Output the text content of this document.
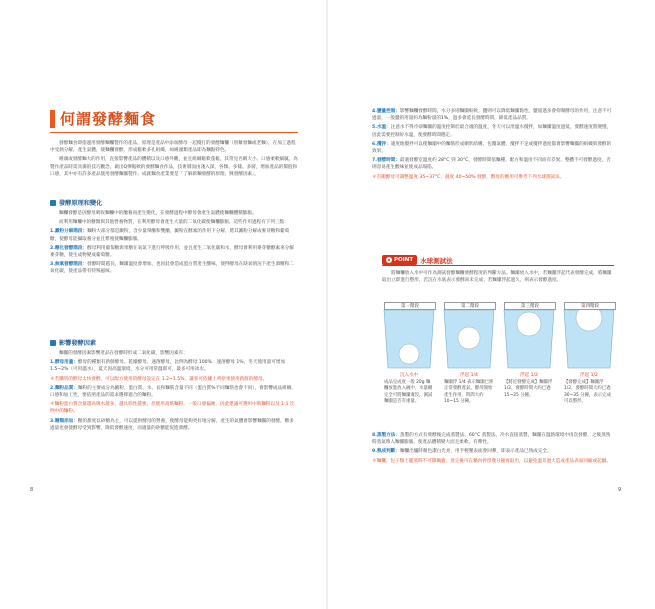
何謂發酵麵食

發酵麵食即指運用發酵麵糰製作的產品，原理是產品中添加酵母一起攪打的發酵麵糰（別稱發麵或老麵），在加工過程中受熱分解，產生氣體，使麵糰發酵，形成鬆軟多孔組織，如饅頭類產品即為麵點特色。

饅頭或發酵麵大的作用，直接影響產品的體積以及口感外觀，並且組織鬆軟蓬鬆，其常見名稱大小、口感柔軟細膩，為製作產品時需具備的技巧觀念，做出Q彈鬆軟的發酵麵食作品，技術層面由淺入深，各類、多樣、多層，增加產品的價值和口感，其中亦有許多產品使用發酵麵團製作。成就麵食產業要是「了解新麵發酵的原理、興發酵因素」。

發酵原理和變化

麵糰發酵是因酵母吸收麵糰中的醣養而產生變化，在發酵過程中酵母會產生氣體使麵糰體積膨脹。

而利用麵糰中的糖類與其他營養物質，在利用酵母會產生大量的二氧化碳使麵糰膨脹，這些作用過程有下列三點：

1.澱粉分解階段：麵粉大部分都是澱粉，含少量單醣和雙醣，澱粉在酵素的作用下分解，將其澱粉分解成麥芽糖和葡萄糖，使酵母能攝取養分並且繁殖使麵糰膨脹。

2.糖化發酵階段：酵母利用葡萄糖與果糖在氧氣下進行呼吸作用，並且產生二氧化碳和水，酵母會利用麥芽糖酵素來分解麥芽糖，使生成物變成葡萄糖。

3.無氧發酵階段：發酵時間越長，麵團溫度會增加，也因此會造成蛋白質產生酸味，使得酵母在缺氧情況下產生酒精和二氧化碳，使產品帶有特殊風味。

影響發酵因素

麵團的發酵因素影響產品在發酵時形成二氧化碳，影響因素有：

1.酵母用量：酵母的種類有新鮮酵母、乾燥酵母、速溶酵母，比例為酵母 100%：速溶酵母 1%，冬天使用量可增加 1.5~2%（可用溫水），夏天因高溫環境，水分可用常溫即可，最多可用冰水。

＊若購買的酵母太快發酵，可以配方使用的酵母設定在 1.2~1.5%，讓客可依據上列原果使用新鮮的酵母。

2.麵粉品質：麵粉的主要成分為澱粉、蛋白質、水、長和麵筋含量不同（蛋白質%不同麵筋也會不同），會影響成品組織、口感和加工性，要依照產品的需求選擇適合的麵粉。

＊麵粉蛋白質含量越高吸水越多，越具筋性越強，但使用高筋麵粉，一般口感偏硬，因此建議可選用中筋麵粉以及 1:1 比例中的麵粉。

3.糖類添加：糖的甜度以砂糖為主，可以提供酵母的營養，使酵母能夠更好地分解，產生的氣體會影響麵團的發酵，糖多過量也會使酵母受到影響，降低發酵速度，而適量的砂糖能促進發酵。

8

4.鹽量控制：影響麵糰發酵時間，水分多則麵團較軟，鹽則可以降低麵團黏性，鹽量過多會抑制酵母的作用，注意不可過量，一般鹽的用量約為麵粉量的1%，過多會延長發酵時間，降低產品品質。

5.水溫：注意水不得冷卻麵團的溫度控制於最合適的溫度，冬天可以用溫水攪拌，如麵團溫度過低，發酵速度將變慢，因此需要控制好水溫，使發酵時間穩定。

6.攪拌：適度地攪拌可以使麵團中的麵筋形成網狀結構，包覆氣體，攪拌不足或攪拌過度都會影響麵團的組織與發酵的效果。

7.發酵時間：最適發酵室溫度約 28°C 到 30°C，發酵時間依麵種、配方和溫度不同而有差異，整體不可發酵過度，否則容易產生酸味並使成品塌陷。

＊有關酵母可調整溫度 35~37°C，濕度 40~50% 發酵，酵母的應用可參考下列水球測試法。

POINT 水球測試法

將麵糰放入水中可作為測試發酵麵糰發酵程度的判斷方法。麵團放入水中，若麵團浮起代表發酵完成，將麵團取出立即進行整形，若沉在水底表示發酵尚未完成；若麵團浮起過久，則表示發酵過度。

第一階段	第二階段	第三階段	第四階段
沉入水中	浮起 1/4	浮起 1/2	浮起 1/2
成品完成度一般 20g 麵糰放進放入碗中，水量剛完全可將麵團淹沒，測試麵團是否有重量。
麵團浮 1/4 表示麵團已經正常發酵產氣，酵母開始產生作用，時間大約 10~15 分鐘。
【將近發酵完成】麵團浮 1/2，發酵時間大約已過 15~25 分鐘。
【發酵完成】麵團浮 1/2，發酵時間大約已過 30~35 分鐘，表示完成可以整形。

8.蒸製方法：蒸製的方式有發酵後完成蒸製法、60°C 蒸製法、冷水直接蒸製，麵團在溫熱環境中再次發酵，之後蒸熟時蒸氣滲入麵團膨脹，使產品體積變大而且柔軟、有彈性。

9.熟成判斷：麵糰出爐時顏色潔白光亮，用手輕壓表面會回彈，即表示產品已熟成完全。

＊麵糰、包子類上籠蒸時不可開鍋蓋，蒸完後可在鍋內停留幾分鐘再取出，以避免溫差過大造成產品表面回縮或起皺。

9
